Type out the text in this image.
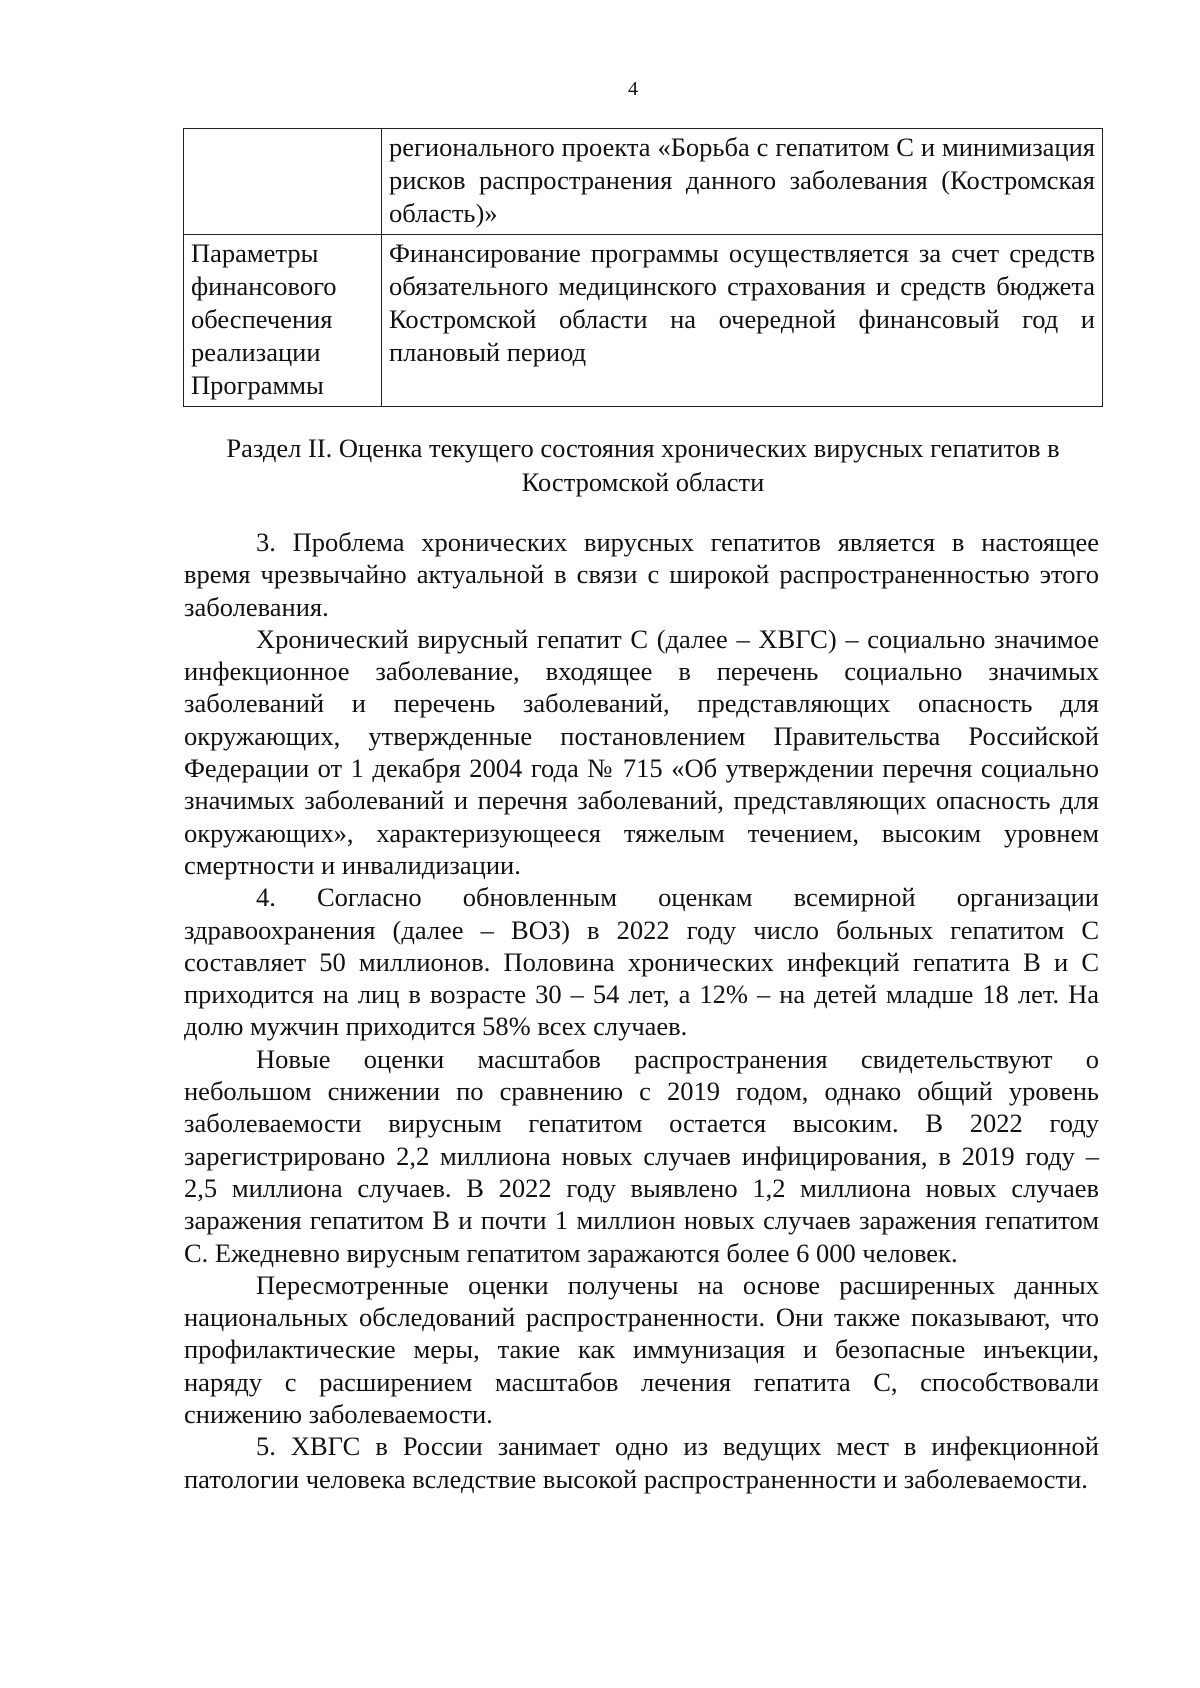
4
	регионального проекта «Борьба с гепатитом С и минимизация рисков распространения данного заболевания (Костромская область)»
Параметры финансового обеспечения реализации Программы	Финансирование программы осуществляется за счет средств обязательного медицинского страхования и средств бюджета Костромской области на очередной финансовый год и плановый период
Раздел II. Оценка текущего состояния хронических вирусных гепатитов в
Костромской области

3. Проблема хронических вирусных гепатитов является в настоящее время чрезвычайно актуальной в связи с широкой распространенностью этого заболевания.

Хронический вирусный гепатит С (далее – ХВГС) – социально значимое инфекционное заболевание, входящее в перечень социально значимых заболеваний и перечень заболеваний, представляющих опасность для окружающих, утвержденные постановлением Правительства Российской Федерации от 1 декабря 2004 года № 715 «Об утверждении перечня социально значимых заболеваний и перечня заболеваний, представляющих опасность для окружающих», характеризующееся тяжелым течением, высоким уровнем смертности и инвалидизации.

4. Согласно обновленным оценкам всемирной организации здравоохранения (далее – ВОЗ) в 2022 году число больных гепатитом С составляет 50 миллионов. Половина хронических инфекций гепатита В и С приходится на лиц в возрасте 30 – 54 лет, а 12% – на детей младше 18 лет. На долю мужчин приходится 58% всех случаев.

Новые оценки масштабов распространения свидетельствуют о небольшом снижении по сравнению с 2019 годом, однако общий уровень заболеваемости вирусным гепатитом остается высоким. В 2022 году зарегистрировано 2,2 миллиона новых случаев инфицирования, в 2019 году – 2,5 миллиона случаев. В 2022 году выявлено 1,2 миллиона новых случаев заражения гепатитом В и почти 1 миллион новых случаев заражения гепатитом С. Ежедневно вирусным гепатитом заражаются более 6 000 человек.

Пересмотренные оценки получены на основе расширенных данных национальных обследований распространенности. Они также показывают, что профилактические меры, такие как иммунизация и безопасные инъекции, наряду с расширением масштабов лечения гепатита С, способствовали снижению заболеваемости.

5. ХВГС в России занимает одно из ведущих мест в инфекционной патологии человека вследствие высокой распространенности и заболеваемости.
